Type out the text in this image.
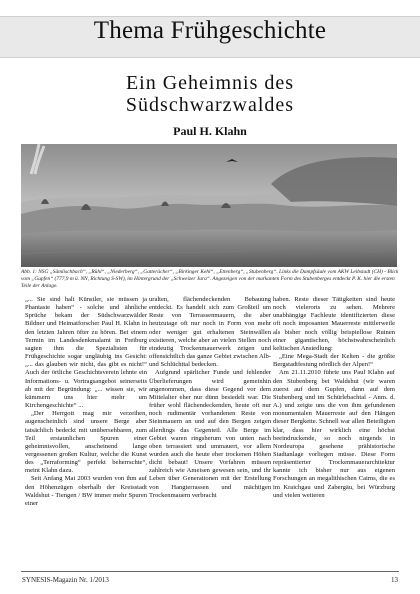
Thema Frühgeschichte
Ein Geheimnis des
Südschwarzwaldes
Paul H. Klahn
Abb. 1: NSG „Sämlischbach“, „Rühl“, „Niederberg“, „Gatterächer“, „Birkinger Kehl“, „Ettenberg“, „Stubenberg“. Links die Dampfsäule vom AKW Leibstadt (CH) - Blick vom „Gupfen“ (777,9 m ü. NN, Richtung S-SW), im Hintergrund der „Schweizer Jura“. Angezeigen von der markanten Form des Stubenberges entdeckt P. K. hier die ersten Teile der Anlage.

„... Sie sind halt Künstler, sie müssen ja Phantasie haben“ - solche und ähnliche Sprüche bekam der Südschwarzwälder Bildner und Heimatforscher Paul H. Klahn in den letzten Jahren öfter zu hören. Bei einem Termin im Landesdenkmalamt in Freiburg sagten ihm die Spezialisten für Frühgeschichte sogar ungläubig ins Gesicht: „... das glauben wir nicht, das gibt es nicht!“ Auch der örtliche Geschichtsverein lehnte ein Informations- u. Vortragsangebot seinerseits ab mit der Begründung: „... wissen sie, wir kümmern uns hier mehr um Kirchengeschichte“ ...

„Der Herrgott mag mir verzeihen, augenscheinlich sind unsere Berge aber tatsächlich bedeckt mit unübersehbaren, zum Teil erstaunlichen Spuren einer geheimnisvollen, anscheinend lange vergessenen großen Kultur, welche die Kunst des „Terraforming“ perfekt beherrschte“, meint Klahn dazu.

Seit Anfang Mai 2003 wurden von ihm auf den Höhenzügen oberhalb der Kreisstadt Waldshut - Tiengen / BW immer mehr Spuren einer

uralten, flächendeckenden Bebauung entdeckt. Es handelt sich zum Großteil um Reste von Terrassenmauern, die aber heutzutage oft nur noch in Form von mehr oder weniger gut erhaltenen Steinwällen existieren, welche aber an vielen Stellen noch eindeutig Trockenmauerwerk zeigen und offensichtlich das ganze Gebiet zwischen Alb- und Schlüchttal bedecken.

Aufgrund spärlicher Funde und fehlender Überlieferungen wird gemeinhin angenommen, dass diese Gegend vor dem Mittelalter eher nur dünn besiedelt war. Die früher wohl flächendeckenden, heute oft nur noch rudimentär vorhandenen Reste von Steinmauern an und auf den Bergen zeigen allerdings das Gegenteil. Alle Berge im Gebiet waren ringsherum von unten nach oben terrassiert und ummauert, vor allem wurden auch die heute eher trockenen Höhen dicht bebaut! Unsere Vorfahren müssen zahlreich wie Ameisen gewesen sein, und ihr Leben über Generationen mit der Erstellung von Hangterrassen und mächtigen Trockenmauern verbracht

haben. Reste dieser Tätigkeiten sind heute noch vielerorts zu sehen. Mehrere unabhängige Fachleute identifizierten diese oft noch imposanten Mauerreste mittlerweile als bisher noch völlig beispiellose Ruinen einer gigantischen, höchstwahrscheinlich keltischen Ansiedlung:

„Eine Mega-Stadt der Kelten - die größte Bergstadtfestung nördlich der Alpen!“

Am 21.11.2010 führte uns Paul Klahn auf den Stubenberg bei Waldshut (wir waren zuerst auf dem Gupfen, dann auf dem Stubenberg und im Schürlebachtal - Anm. d. A.) und zeigte uns die von ihm gefundenen monumentalen Mauerreste auf den Hängen dieser Bergkette. Schnell war allen Beteiligten klar, dass hier wirklich eine höchst beeindruckende, so noch nirgends in Nordeuropa gesehene prähistorische Stadtanlage vorliegen müsse. Diese Form repräsentierter Trockenmauerarchitektur kannte ich bisher nur aus eigenen Forschungen an megalithischen Cairns, die es im Kraichgau und Zabergäu, bei Würzburg und vielen weiteren

SYNESIS-Magazin Nr. 1/2013	13
